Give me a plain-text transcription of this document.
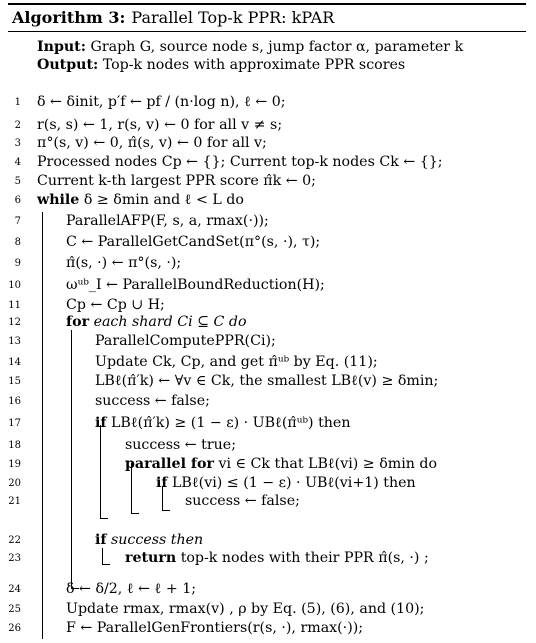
Algorithm 3: Parallel Top-k PPR: kPAR
Input: Graph G, source node s, jump factor α, parameter k
Output: Top-k nodes with approximate PPR scores
1 δ ← δinit, p′f ← pf / (n·log n), ℓ ← 0;
2 r(s, s) ← 1, r(s, v) ← 0 for all v ≠ s;
3 π°(s, v) ← 0, π̂(s, v) ← 0 for all v;
4 Processed nodes Cp ← {}; Current top-k nodes Ck ← {};
5 Current k-th largest PPR score π̂k ← 0;
6 while δ ≥ δmin and ℓ < L do
7	ParallelAFP(F, s, a, rmax(·));
8	C ← ParallelGetCandSet(π°(s, ·), τ);
9	π̂(s, ·) ← π°(s, ·);
10	ωᵘᵇ_I ← ParallelBoundReduction(H);
11	Cp ← Cp ∪ H;
12	for each shard Ci ⊆ C do
13	ParallelComputePPR(Ci);
14	Update Ck, Cp, and get π̂ᵘᵇ by Eq. (11);
15	LBℓ(π̂′k) ← ∀v ∈ Ck, the smallest LBℓ(v) ≥ δmin;
16	success ← false;
17	if LBℓ(π̂′k) ≥ (1 − ε) · UBℓ(π̂ᵘᵇ) then
18	success ← true;
19	parallel for vi ∈ Ck that LBℓ(vi) ≥ δmin do
20	if LBℓ(vi) ≤ (1 − ε) · UBℓ(vi+1) then
21	success ← false;
22	if success then
23	return top-k nodes with their PPR π̂(s, ·) ;
24	δ ← δ/2, ℓ ← ℓ + 1;
25	Update rmax, rmax(v) , ρ by Eq. (5), (6), and (10);
26	F ← ParallelGenFrontiers(r(s, ·), rmax(·));
